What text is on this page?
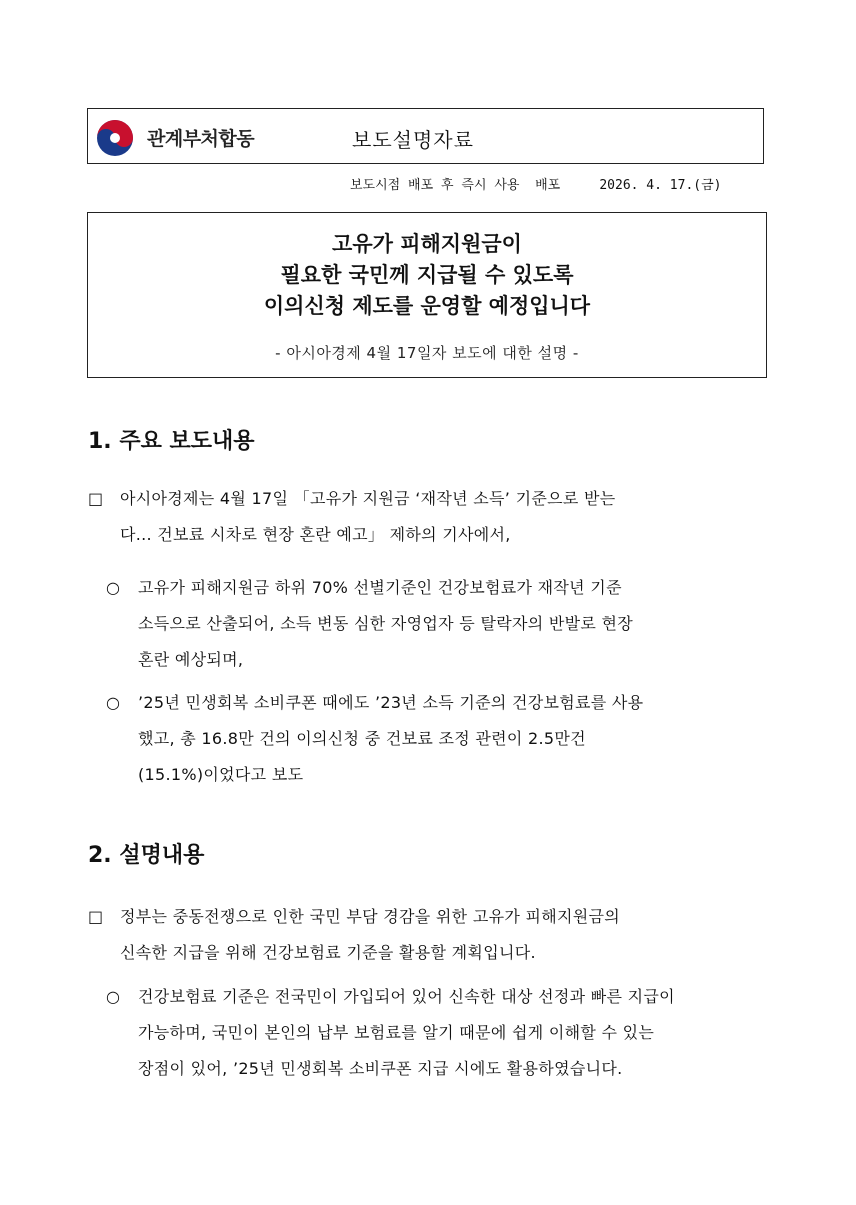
관계부처합동	보도설명자료
보도시점 배포 후 즉시 사용  배포     2026. 4. 17.(금)
고유가 피해지원금이
필요한 국민께 지급될 수 있도록
이의신청 제도를 운영할 예정입니다
- 아시아경제 4월 17일자 보도에 대한 설명 -
1. 주요 보도내용
□ 아시아경제는 4월 17일 「고유가 지원금 ‘재작년 소득’ 기준으로 받는
다... 건보료 시차로 현장 혼란 예고」 제하의 기사에서,
○ 고유가 피해지원금 하위 70% 선별기준인 건강보험료가 재작년 기준
소득으로 산출되어, 소득 변동 심한 자영업자 등 탈락자의 반발로 현장
혼란 예상되며,
○ ’25년 민생회복 소비쿠폰 때에도 ’23년 소득 기준의 건강보험료를 사용
했고, 총 16.8만 건의 이의신청 중 건보료 조정 관련이 2.5만건
(15.1%)이었다고 보도
2. 설명내용
□ 정부는 중동전쟁으로 인한 국민 부담 경감을 위한 고유가 피해지원금의
신속한 지급을 위해 건강보험료 기준을 활용할 계획입니다.
○ 건강보험료 기준은 전국민이 가입되어 있어 신속한 대상 선정과 빠른 지급이
가능하며, 국민이 본인의 납부 보험료를 알기 때문에 쉽게 이해할 수 있는
장점이 있어, ’25년 민생회복 소비쿠폰 지급 시에도 활용하였습니다.
